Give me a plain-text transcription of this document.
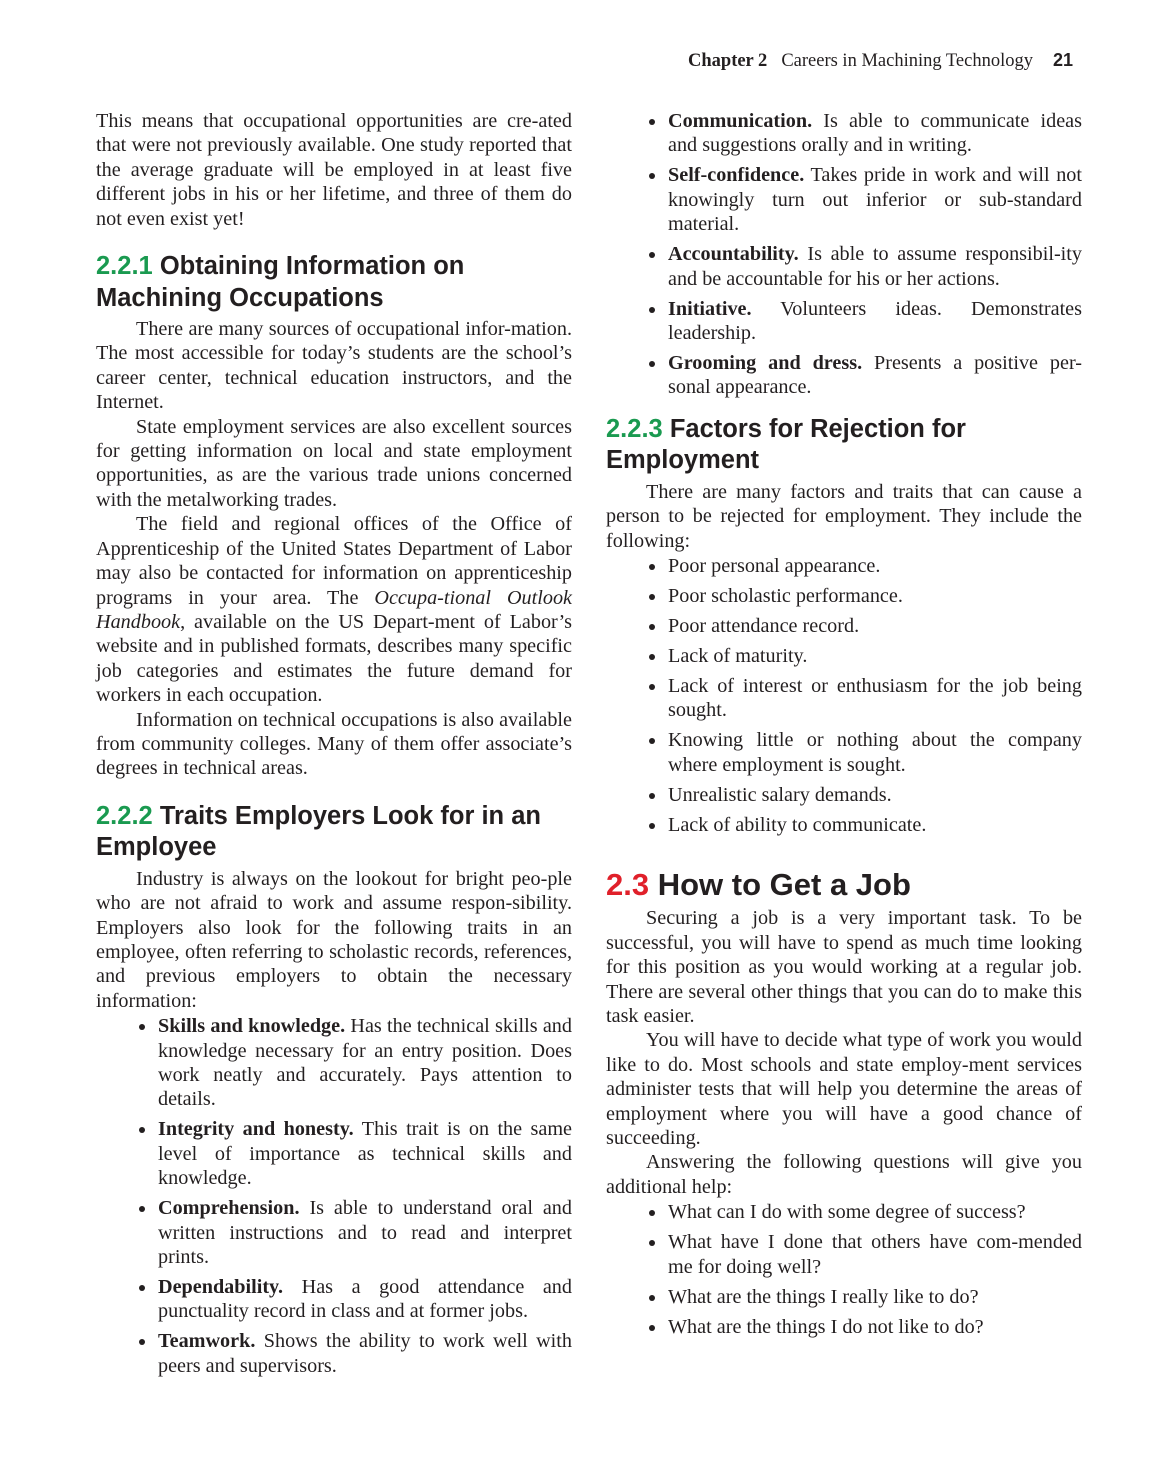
Chapter 2 Careers in Machining Technology 21

This means that occupational opportunities are cre-ated that were not previously available. One study reported that the average graduate will be employed in at least five different jobs in his or her lifetime, and three of them do not even exist yet!

2.2.1 Obtaining Information on Machining Occupations

There are many sources of occupational infor-mation. The most accessible for today’s students are the school’s career center, technical education instructors, and the Internet.

State employment services are also excellent sources for getting information on local and state employment opportunities, as are the various trade unions concerned with the metalworking trades.

The field and regional offices of the Office of Apprenticeship of the United States Department of Labor may also be contacted for information on apprenticeship programs in your area. The Occupa-tional Outlook Handbook, available on the US Depart-ment of Labor’s website and in published formats, describes many specific job categories and estimates the future demand for workers in each occupation.

Information on technical occupations is also available from community colleges. Many of them offer associate’s degrees in technical areas.

2.2.2 Traits Employers Look for in an Employee

Industry is always on the lookout for bright peo-ple who are not afraid to work and assume respon-sibility. Employers also look for the following traits in an employee, often referring to scholastic records, references, and previous employers to obtain the necessary information:

Skills and knowledge. Has the technical skills and knowledge necessary for an entry position. Does work neatly and accurately. Pays attention to details.
Integrity and honesty. This trait is on the same level of importance as technical skills and knowledge.
Comprehension. Is able to understand oral and written instructions and to read and interpret prints.
Dependability. Has a good attendance and punctuality record in class and at former jobs.
Teamwork. Shows the ability to work well with peers and supervisors.
Communication. Is able to communicate ideas and suggestions orally and in writing.
Self-confidence. Takes pride in work and will not knowingly turn out inferior or sub-standard material.
Accountability. Is able to assume responsibil-ity and be accountable for his or her actions.
Initiative. Volunteers ideas. Demonstrates leadership.
Grooming and dress. Presents a positive per-sonal appearance.
2.2.3 Factors for Rejection for Employment

There are many factors and traits that can cause a person to be rejected for employment. They include the following:

Poor personal appearance.
Poor scholastic performance.
Poor attendance record.
Lack of maturity.
Lack of interest or enthusiasm for the job being sought.
Knowing little or nothing about the company where employment is sought.
Unrealistic salary demands.
Lack of ability to communicate.
2.3 How to Get a Job

Securing a job is a very important task. To be successful, you will have to spend as much time looking for this position as you would working at a regular job. There are several other things that you can do to make this task easier.

You will have to decide what type of work you would like to do. Most schools and state employ-ment services administer tests that will help you determine the areas of employment where you will have a good chance of succeeding.

Answering the following questions will give you additional help:

What can I do with some degree of success?
What have I done that others have com-mended me for doing well?
What are the things I really like to do?
What are the things I do not like to do?
